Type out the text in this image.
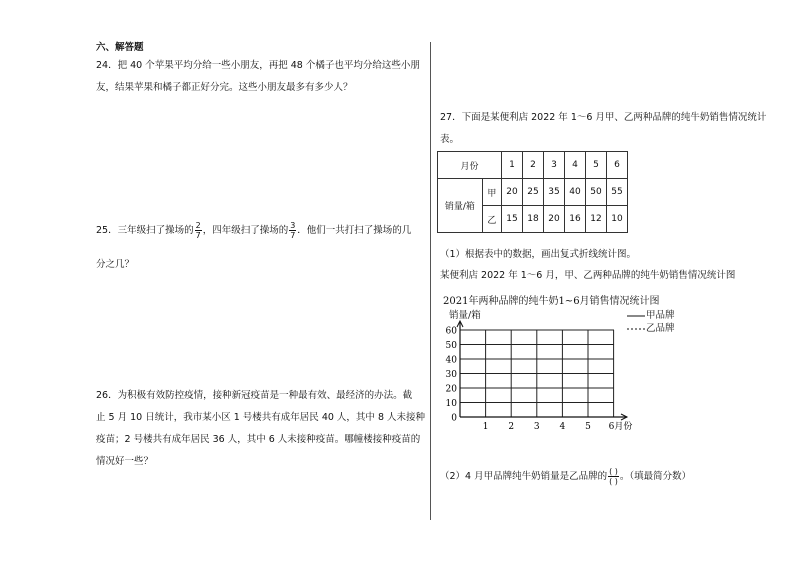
六、解答题
24．把 40 个苹果平均分给一些小朋友，再把 48 个橘子也平均分给这些小朋
友，结果苹果和橘子都正好分完。这些小朋友最多有多少人？
25．三年级扫了操场的 $\frac{2}{7}$ ，四年级扫了操场的 $\frac{3}{7}$ ．他们一共打扫了操场的几
分之几？
26．为积极有效防控疫情，接种新冠疫苗是一种最有效、最经济的办法。截
止 5 月 10 日统计，我市某小区 1 号楼共有成年居民 40 人，其中 8 人未接种
疫苗；2 号楼共有成年居民 36 人，其中 6 人未接种疫苗。哪幢楼接种疫苗的
情况好一些？
27．下面是某便利店 2022 年 1～6 月甲、乙两种品牌的纯牛奶销售情况统计
表。
月份		1	2	3	4	5	6
销量/箱	甲	20	25	35	40	50	55
	乙	15	18	20	16	12	10
（1）根据表中的数据，画出复式折线统计图。
某便利店 2022 年 1～6 月，甲、乙两种品牌的纯牛奶销售情况统计图
2021年两种品牌的纯牛奶1~6月销售情况统计图
销量/箱	甲品牌
乙品牌
0
10
20
30
40
50
60
1 2 3 4 5 6月份
（2）4 月甲品牌纯牛奶销量是乙品牌的 $\frac{( )}{( )}$ 。（填最简分数）
